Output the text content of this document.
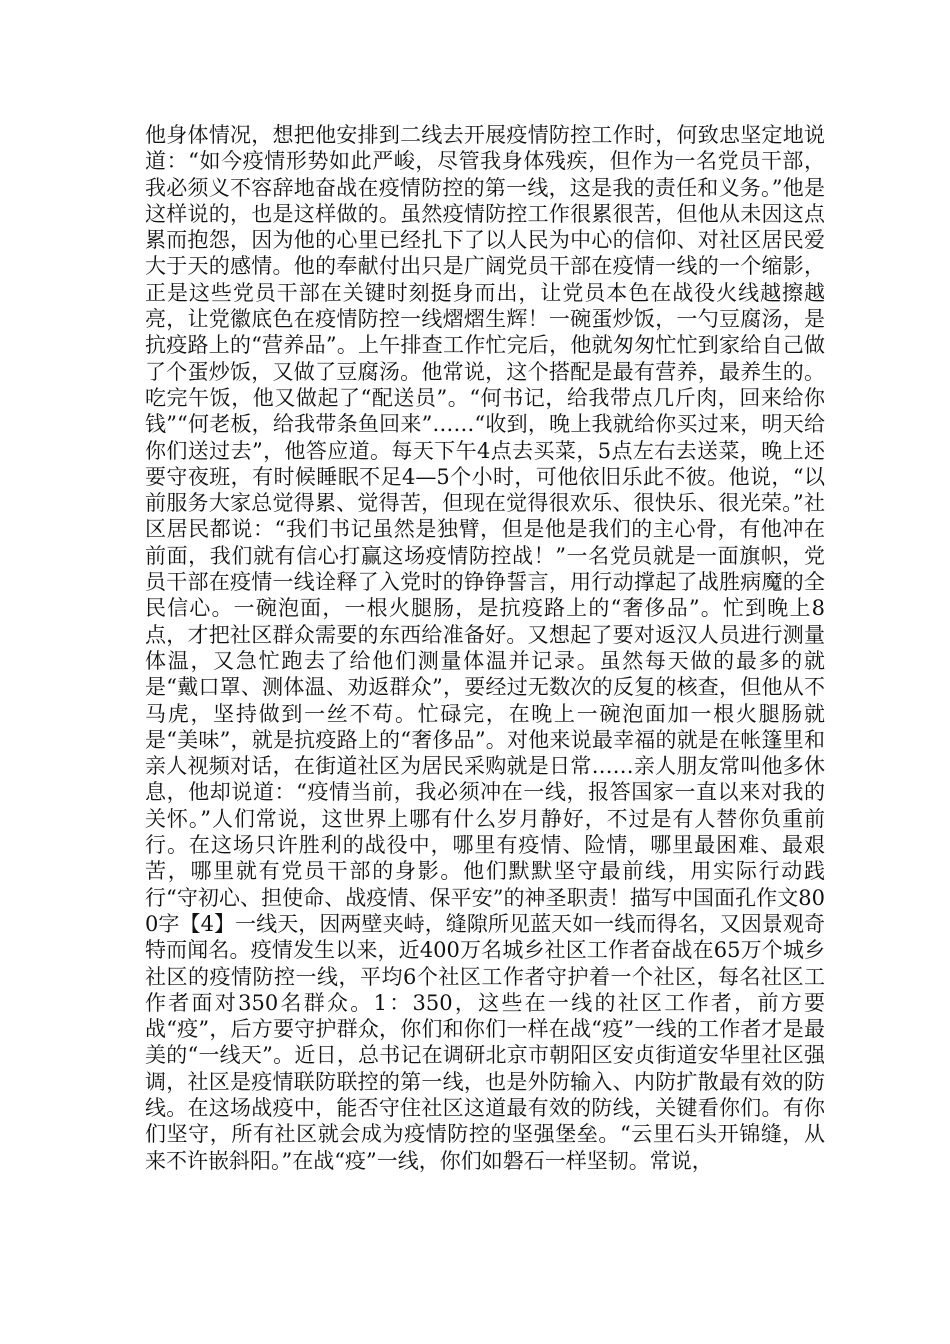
他身体情况，想把他安排到二线去开展疫情防控工作时，何致忠坚定地说道：“如今疫情形势如此严峻，尽管我身体残疾，但作为一名党员干部，我必须义不容辞地奋战在疫情防控的第一线，这是我的责任和义务。”他是这样说的，也是这样做的。虽然疫情防控工作很累很苦，但他从未因这点累而抱怨，因为他的心里已经扎下了以人民为中心的信仰、对社区居民爱大于天的感情。他的奉献付出只是广阔党员干部在疫情一线的一个缩影，正是这些党员干部在关键时刻挺身而出，让党员本色在战役火线越擦越亮，让党徽底色在疫情防控一线熠熠生辉！一碗蛋炒饭，一勺豆腐汤，是抗疫路上的“营养品”。上午排查工作忙完后，他就匆匆忙忙到家给自己做了个蛋炒饭，又做了豆腐汤。他常说，这个搭配是最有营养，最养生的。吃完午饭，他又做起了“配送员”。“何书记，给我带点几斤肉，回来给你钱”“何老板，给我带条鱼回来”……“收到，晚上我就给你买过来，明天给你们送过去”，他答应道。每天下午4点去买菜，5点左右去送菜，晚上还要守夜班，有时候睡眠不足4—5个小时，可他依旧乐此不彼。他说，“以前服务大家总觉得累、觉得苦，但现在觉得很欢乐、很快乐、很光荣。”社区居民都说：“我们书记虽然是独臂，但是他是我们的主心骨，有他冲在前面，我们就有信心打赢这场疫情防控战！”一名党员就是一面旗帜，党员干部在疫情一线诠释了入党时的铮铮誓言，用行动撑起了战胜病魔的全民信心。一碗泡面，一根火腿肠，是抗疫路上的“奢侈品”。忙到晚上8点，才把社区群众需要的东西给准备好。又想起了要对返汉人员进行测量体温，又急忙跑去了给他们测量体温并记录。虽然每天做的最多的就是“戴口罩、测体温、劝返群众”，要经过无数次的反复的核查，但他从不马虎，坚持做到一丝不苟。忙碌完，在晚上一碗泡面加一根火腿肠就是“美味”，就是抗疫路上的“奢侈品”。对他来说最幸福的就是在帐篷里和亲人视频对话，在街道社区为居民采购就是日常……亲人朋友常叫他多休息，他却说道：“疫情当前，我必须冲在一线，报答国家一直以来对我的关怀。”人们常说，这世界上哪有什么岁月静好，不过是有人替你负重前行。在这场只许胜利的战役中，哪里有疫情、险情，哪里最困难、最艰苦，哪里就有党员干部的身影。他们默默坚守最前线，用实际行动践行“守初心、担使命、战疫情、保平安”的神圣职责！描写中国面孔作文800字【4】一线天，因两壁夹峙，缝隙所见蓝天如一线而得名，又因景观奇特而闻名。疫情发生以来，近400万名城乡社区工作者奋战在65万个城乡社区的疫情防控一线，平均6个社区工作者守护着一个社区，每名社区工作者面对350名群众。1：350，这些在一线的社区工作者，前方要战“疫”，后方要守护群众，你们和你们一样在战“疫”一线的工作者才是最美的“一线天”。近日，总书记在调研北京市朝阳区安贞街道安华里社区强调，社区是疫情联防联控的第一线，也是外防输入、内防扩散最有效的防线。在这场战疫中，能否守住社区这道最有效的防线，关键看你们。有你们坚守，所有社区就会成为疫情防控的坚强堡垒。“云里石头开锦缝，从来不许嵌斜阳。”在战“疫”一线，你们如磐石一样坚韧。常说，
